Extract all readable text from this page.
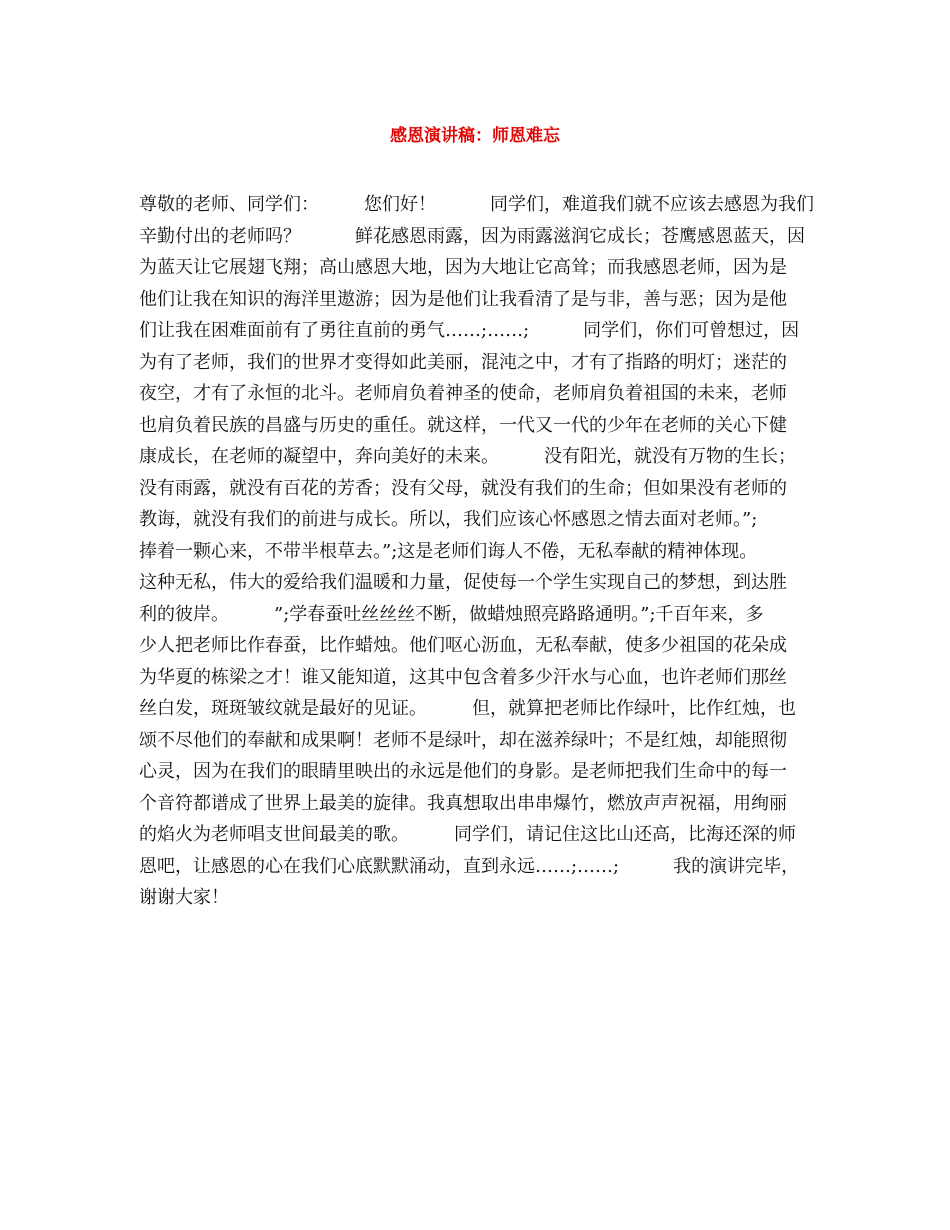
感恩演讲稿：师恩难忘
尊敬的老师、同学们：　　　您们好！　　　同学们，难道我们就不应该去感恩为我们
辛勤付出的老师吗？　　　鲜花感恩雨露，因为雨露滋润它成长；苍鹰感恩蓝天，因
为蓝天让它展翅飞翔；高山感恩大地，因为大地让它高耸；而我感恩老师，因为是
他们让我在知识的海洋里遨游；因为是他们让我看清了是与非，善与恶；因为是他
们让我在困难面前有了勇往直前的勇气……;……;　　　同学们，你们可曾想过，因
为有了老师，我们的世界才变得如此美丽，混沌之中，才有了指路的明灯；迷茫的
夜空，才有了永恒的北斗。老师肩负着神圣的使命，老师肩负着祖国的未来，老师
也肩负着民族的昌盛与历史的重任。就这样，一代又一代的少年在老师的关心下健
康成长，在老师的凝望中，奔向美好的未来。　　　没有阳光，就没有万物的生长；
没有雨露，就没有百花的芳香；没有父母，就没有我们的生命；但如果没有老师的
教诲，就没有我们的前进与成长。所以，我们应该心怀感恩之情去面对老师。”;
捧着一颗心来，不带半根草去。”;这是老师们诲人不倦，无私奉献的精神体现。
这种无私，伟大的爱给我们温暖和力量，促使每一个学生实现自己的梦想，到达胜
利的彼岸。　　　”;学春蚕吐丝丝丝不断，做蜡烛照亮路路通明。”;千百年来，多
少人把老师比作春蚕，比作蜡烛。他们呕心沥血，无私奉献，使多少祖国的花朵成
为华夏的栋梁之才！谁又能知道，这其中包含着多少汗水与心血，也许老师们那丝
丝白发，斑斑皱纹就是最好的见证。　　　但，就算把老师比作绿叶，比作红烛，也
颂不尽他们的奉献和成果啊！老师不是绿叶，却在滋养绿叶；不是红烛，却能照彻
心灵，因为在我们的眼睛里映出的永远是他们的身影。是老师把我们生命中的每一
个音符都谱成了世界上最美的旋律。我真想取出串串爆竹，燃放声声祝福，用绚丽
的焰火为老师唱支世间最美的歌。　　　同学们，请记住这比山还高，比海还深的师
恩吧，让感恩的心在我们心底默默涌动，直到永远……;……;　　　我的演讲完毕，
谢谢大家！
